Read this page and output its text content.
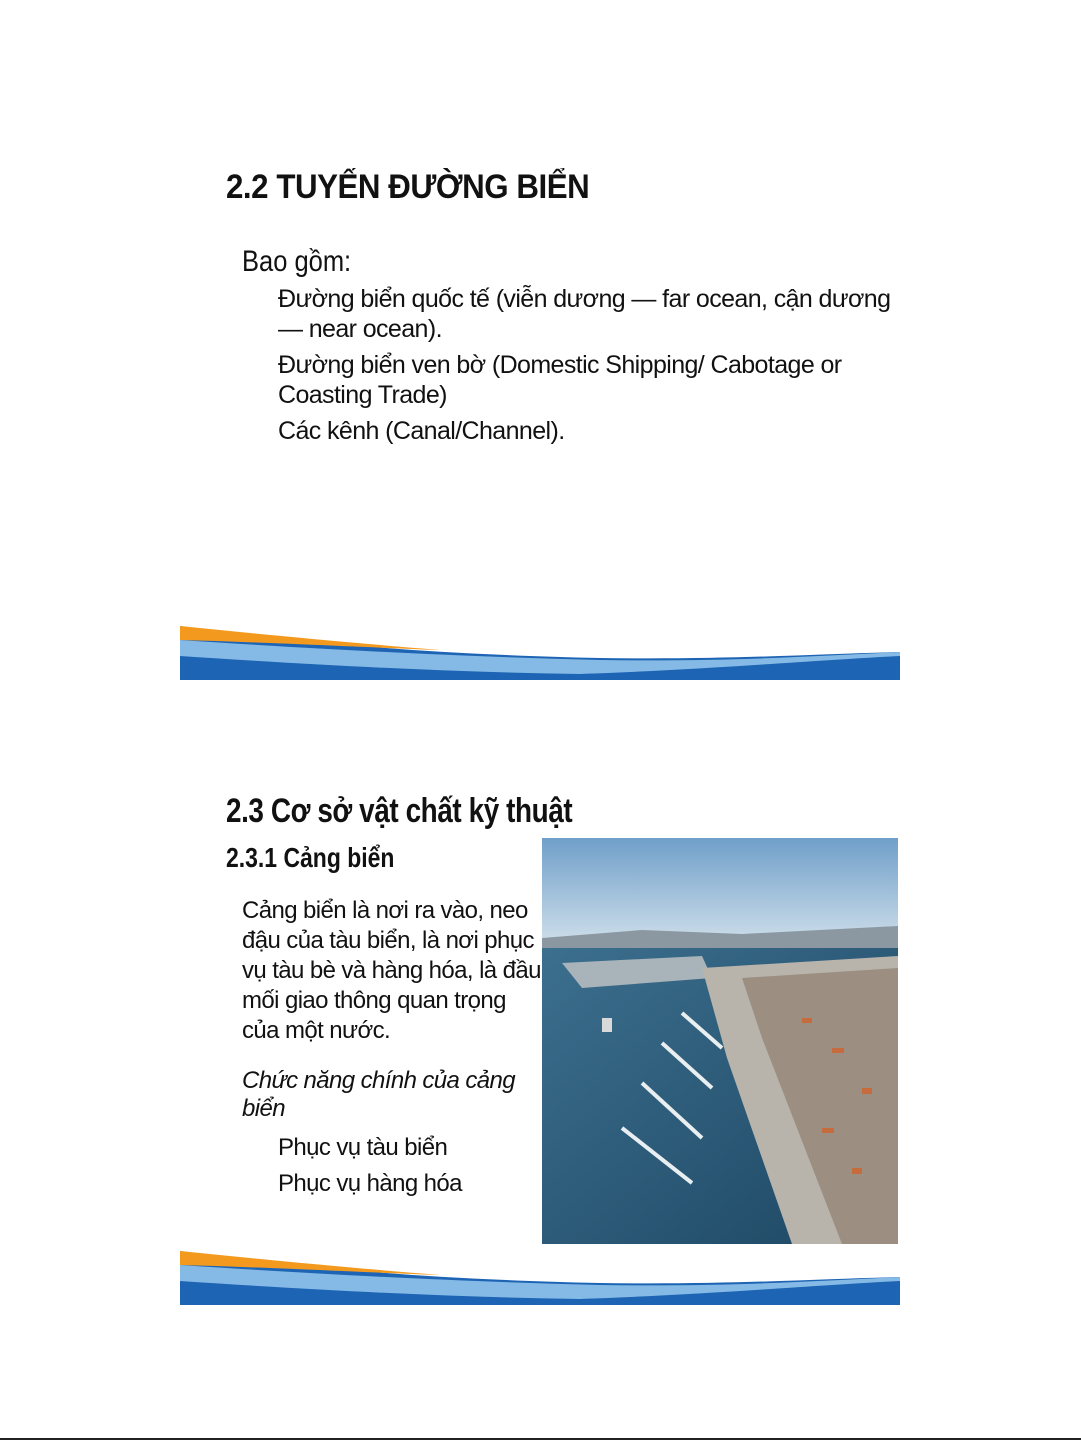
2.2 TUYẾN ĐƯỜNG BIỂN
Bao gồm:
Đường biển quốc tế (viễn dương — far ocean, cận dương — near ocean).
Đường biển ven bờ (Domestic Shipping/ Cabotage or Coasting Trade)
Các kênh (Canal/Channel).
2.3 Cơ sở vật chất kỹ thuật
2.3.1 Cảng biển

Cảng biển là nơi ra vào, neo đậu của tàu biển, là nơi phục vụ tàu bè và hàng hóa, là đầu mối giao thông quan trọng của một nước.

Chức năng chính của cảng biển

Phục vụ tàu biển
Phục vụ hàng hóa
